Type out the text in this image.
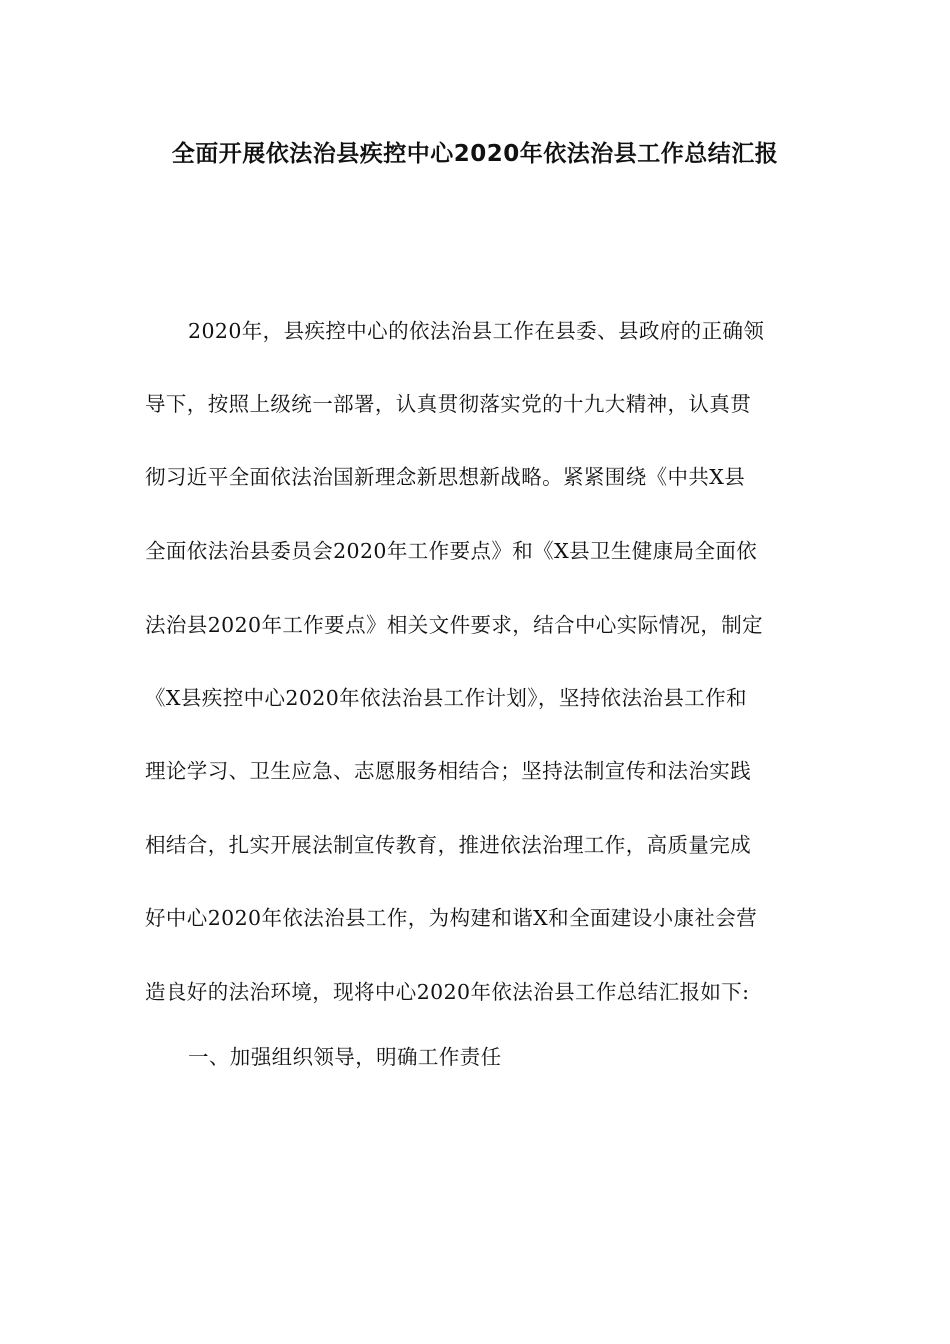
全面开展依法治县疾控中心2020年依法治县工作总结汇报
2020年，县疾控中心的依法治县工作在县委、县政府的正确领
导下，按照上级统一部署，认真贯彻落实党的十九大精神，认真贯
彻习近平全面依法治国新理念新思想新战略。紧紧围绕《中共X县
全面依法治县委员会2020年工作要点》和《X县卫生健康局全面依
法治县2020年工作要点》相关文件要求，结合中心实际情况，制定
《X县疾控中心2020年依法治县工作计划》，坚持依法治县工作和
理论学习、卫生应急、志愿服务相结合；坚持法制宣传和法治实践
相结合，扎实开展法制宣传教育，推进依法治理工作，高质量完成
好中心2020年依法治县工作，为构建和谐X和全面建设小康社会营
造良好的法治环境，现将中心2020年依法治县工作总结汇报如下:
一、加强组织领导，明确工作责任
